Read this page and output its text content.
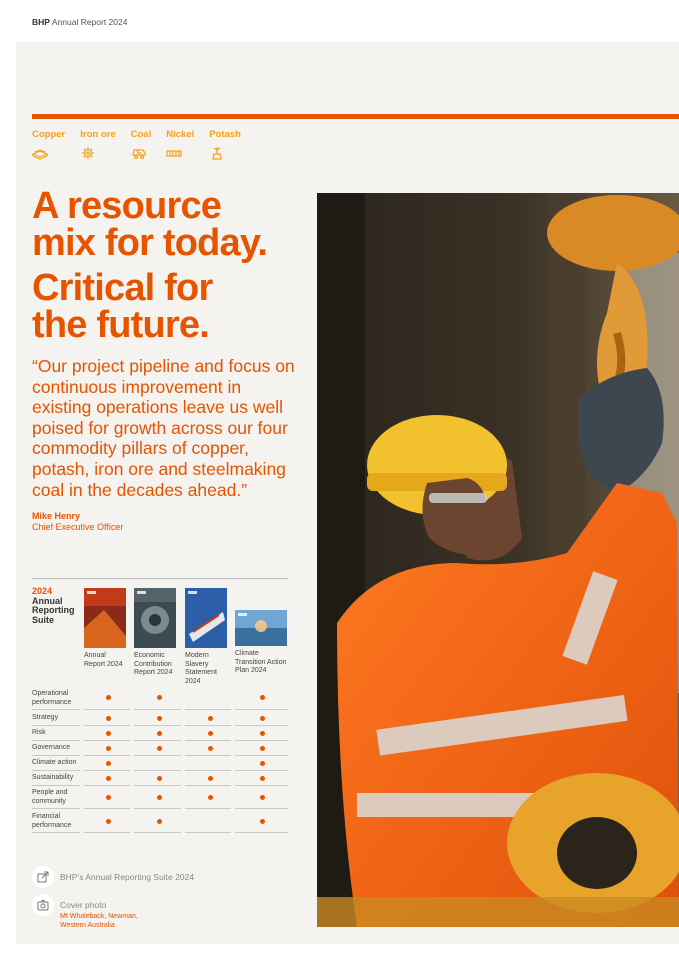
BHP Annual Report 2024
Copper Iron ore Coal Nickel Potash
A resource
mix for today.
Critical for
the future.
“Our project pipeline and focus on continuous improvement in existing operations leave us well poised for growth across our four commodity pillars of copper, potash, iron ore and steelmaking coal in the decades ahead.”
Mike Henry
Chief Executive Officer
2024
Annual
Reporting
Suite
Annual Report 2024
Economic Contribution Report 2024
Modern Slavery Statement 2024
Climate Transition Action Plan 2024
Operational performance
Strategy
Risk
Governance
Climate action
Sustainability
People and community
Financial performance
BHP’s Annual Reporting Suite 2024
Cover photo
Mt Whaleback, Newman,
Western Australia
